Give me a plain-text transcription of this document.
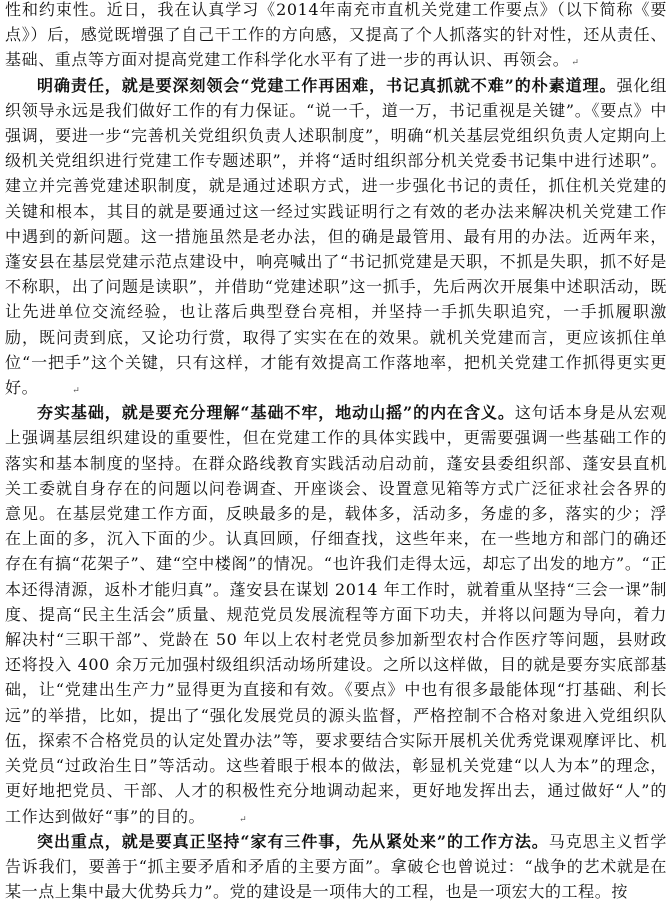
性和约束性。近日，我在认真学习《2014年南充市直机关党建工作要点》（以下简称《要点》）后，感觉既增强了自己干工作的方向感，又提高了个人抓落实的针对性，还从责任、基础、重点等方面对提高党建工作科学化水平有了进一步的再认识、再领会。 ↵

明确责任，就是要深刻领会“党建工作再困难，书记真抓就不难”的朴素道理。强化组织领导永远是我们做好工作的有力保证。“说一千，道一万，书记重视是关键”。《要点》中强调，要进一步“完善机关党组织负责人述职制度”，明确“机关基层党组织负责人定期向上级机关党组织进行党建工作专题述职”，并将“适时组织部分机关党委书记集中进行述职”。建立并完善党建述职制度，就是通过述职方式，进一步强化书记的责任，抓住机关党建的关键和根本，其目的就是要通过这一经过实践证明行之有效的老办法来解决机关党建工作中遇到的新问题。这一措施虽然是老办法，但的确是最管用、最有用的办法。近两年来，蓬安县在基层党建示范点建设中，响亮喊出了“书记抓党建是天职，不抓是失职，抓不好是不称职，出了问题是读职”，并借助“党建述职”这一抓手，先后两次开展集中述职活动，既让先进单位交流经验，也让落后典型登台亮相，并坚持一手抓失职追究，一手抓履职激励，既问责到底，又论功行赏，取得了实实在在的效果。就机关党建而言，更应该抓住单位“一把手”这个关键，只有这样，才能有效提高工作落地率，把机关党建工作抓得更实更好。	↵

夯实基础，就是要充分理解“基础不牢，地动山摇”的内在含义。这句话本身是从宏观上强调基层组织建设的重要性，但在党建工作的具体实践中，更需要强调一些基础工作的落实和基本制度的坚持。在群众路线教育实践活动启动前，蓬安县委组织部、蓬安县直机关工委就自身存在的问题以问卷调查、开座谈会、设置意见箱等方式广泛征求社会各界的意见。在基层党建工作方面，反映最多的是，载体多，活动多，务虚的多，落实的少；浮在上面的多，沉入下面的少。认真回顾，仔细查找，这些年来，在一些地方和部门的确还存在有搞“花架子”、建“空中楼阁”的情况。“也许我们走得太远，却忘了出发的地方”。“正本还得清源，返朴才能归真”。蓬安县在谋划 2014 年工作时，就着重从坚持“三会一课”制度、提高“民主生活会”质量、规范党员发展流程等方面下功夫，并将以问题为导向，着力解决村“三职干部”、党龄在 50 年以上农村老党员参加新型农村合作医疗等问题，县财政还将投入 400 余万元加强村级组织活动场所建设。之所以这样做，目的就是要夯实底部基础，让“党建出生产力”显得更为直接和有效。《要点》中也有很多最能体现“打基础、利长远”的举措，比如，提出了“强化发展党员的源头监督，严格控制不合格对象进入党组织队伍，探索不合格党员的认定处置办法”等，要求要结合实际开展机关优秀党课观摩评比、机关党员“过政治生日”等活动。这些着眼于根本的做法，彰显机关党建“以人为本”的理念，更好地把党员、干部、人才的积极性充分地调动起来，更好地发挥出去，通过做好“人”的工作达到做好“事”的目的。	↵

突出重点，就是要真正坚持“家有三件事，先从紧处来”的工作方法。马克思主义哲学告诉我们，要善于“抓主要矛盾和矛盾的主要方面”。拿破仑也曾说过：“战争的艺术就是在某一点上集中最大优势兵力”。党的建设是一项伟大的工程，也是一项宏大的工程。按
